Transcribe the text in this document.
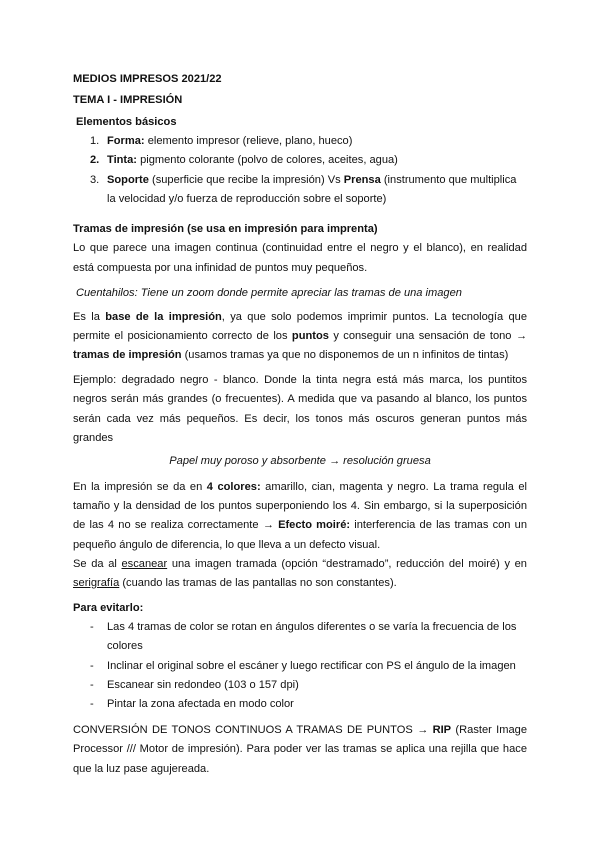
MEDIOS IMPRESOS 2021/22
TEMA I - IMPRESIÓN
Elementos básicos
1. Forma: elemento impresor (relieve, plano, hueco)
2. Tinta: pigmento colorante (polvo de colores, aceites, agua)
3. Soporte (superficie que recibe la impresión) Vs Prensa (instrumento que multiplica
la velocidad y/o fuerza de reproducción sobre el soporte)
Tramas de impresión (se usa en impresión para imprenta)
Lo que parece una imagen continua (continuidad entre el negro y el blanco), en realidad
está compuesta por una infinidad de puntos muy pequeños.
Cuentahilos: Tiene un zoom donde permite apreciar las tramas de una imagen
Es la base de la impresión, ya que solo podemos imprimir puntos. La tecnología que
permite el posicionamiento correcto de los puntos y conseguir una sensación de tono →
tramas de impresión (usamos tramas ya que no disponemos de un n infinitos de tintas)
Ejemplo: degradado negro - blanco. Donde la tinta negra está más marca, los puntitos
negros serán más grandes (o frecuentes). A medida que va pasando al blanco, los puntos
serán cada vez más pequeños. Es decir, los tonos más oscuros generan puntos más
grandes
Papel muy poroso y absorbente → resolución gruesa
En la impresión se da en 4 colores: amarillo, cian, magenta y negro. La trama regula el
tamaño y la densidad de los puntos superponiendo los 4. Sin embargo, si la superposición
de las 4 no se realiza correctamente → Efecto moiré: interferencia de las tramas con un
pequeño ángulo de diferencia, lo que lleva a un defecto visual.
Se da al escanear una imagen tramada (opción “destramado”, reducción del moiré) y en
serigrafía (cuando las tramas de las pantallas no son constantes).
Para evitarlo:
- Las 4 tramas de color se rotan en ángulos diferentes o se varía la frecuencia de los
colores
- Inclinar el original sobre el escáner y luego rectificar con PS el ángulo de la imagen
- Escanear sin redondeo (103 o 157 dpi)
- Pintar la zona afectada en modo color
CONVERSIÓN DE TONOS CONTINUOS A TRAMAS DE PUNTOS → RIP (Raster Image
Processor /// Motor de impresión). Para poder ver las tramas se aplica una rejilla que hace
que la luz pase agujereada.
